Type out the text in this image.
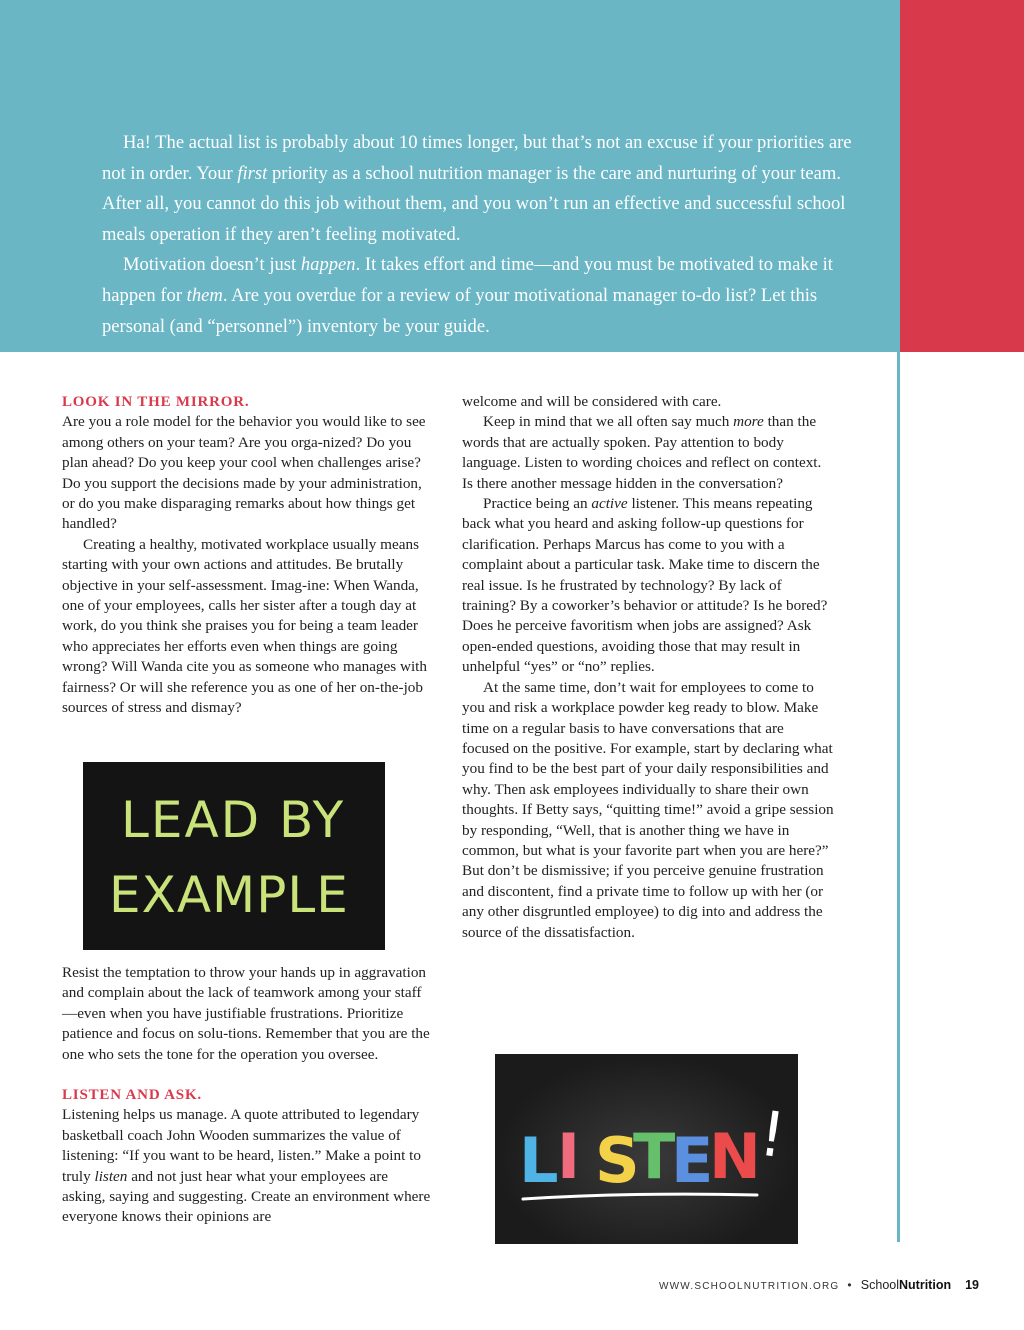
Ha! The actual list is probably about 10 times longer, but that’s not an excuse if your priorities are not in order. Your first priority as a school nutrition manager is the care and nurturing of your team. After all, you cannot do this job without them, and you won’t run an effective and successful school meals operation if they aren’t feeling motivated.

Motivation doesn’t just happen. It takes effort and time—and you must be motivated to make it happen for them. Are you overdue for a review of your motivational manager to-do list? Let this personal (and “personnel”) inventory be your guide.

LOOK IN THE MIRROR.

Are you a role model for the behavior you would like to see among others on your team? Are you orga-nized? Do you plan ahead? Do you keep your cool when challenges arise? Do you support the decisions made by your administration, or do you make disparaging remarks about how things get handled?

Creating a healthy, motivated workplace usually means starting with your own actions and attitudes. Be brutally objective in your self-assessment. Imag-ine: When Wanda, one of your employees, calls her sister after a tough day at work, do you think she praises you for being a team leader who appreciates her efforts even when things are going wrong? Will Wanda cite you as someone who manages with fairness? Or will she reference you as one of her on-the-job sources of stress and dismay?

LEAD BY
EXAMPLE

Resist the temptation to throw your hands up in aggravation and complain about the lack of teamwork among your staff—even when you have justifiable frustrations. Prioritize patience and focus on solu-tions. Remember that you are the one who sets the tone for the operation you oversee.

LISTEN AND ASK.

Listening helps us manage. A quote attributed to legendary basketball coach John Wooden summarizes the value of listening: “If you want to be heard, listen.” Make a point to truly listen and not just hear what your employees are asking, saying and suggesting. Create an environment where everyone knows their opinions are

welcome and will be considered with care.

Keep in mind that we all often say much more than the words that are actually spoken. Pay attention to body language. Listen to wording choices and reflect on context. Is there another message hidden in the conversation?

Practice being an active listener. This means repeating back what you heard and asking follow-up questions for clarification. Perhaps Marcus has come to you with a complaint about a particular task. Make time to discern the real issue. Is he frustrated by technology? By lack of training? By a coworker’s behavior or attitude? Is he bored? Does he perceive favoritism when jobs are assigned? Ask open-ended questions, avoiding those that may result in unhelpful “yes” or “no” replies.

At the same time, don’t wait for employees to come to you and risk a workplace powder keg ready to blow. Make time on a regular basis to have conversations that are focused on the positive. For example, start by declaring what you find to be the best part of your daily responsibilities and why. Then ask employees individually to share their own thoughts. If Betty says, “quitting time!” avoid a gripe session by responding, “Well, that is another thing we have in common, but what is your favorite part when you are here?” But don’t be dismissive; if you perceive genuine frustration and discontent, find a private time to follow up with her (or any other disgruntled employee) to dig into and address the source of the dissatisfaction.

L
I S
T
E
N
!
WWW.SCHOOLNUTRITION.ORG • SchoolNutrition 19
